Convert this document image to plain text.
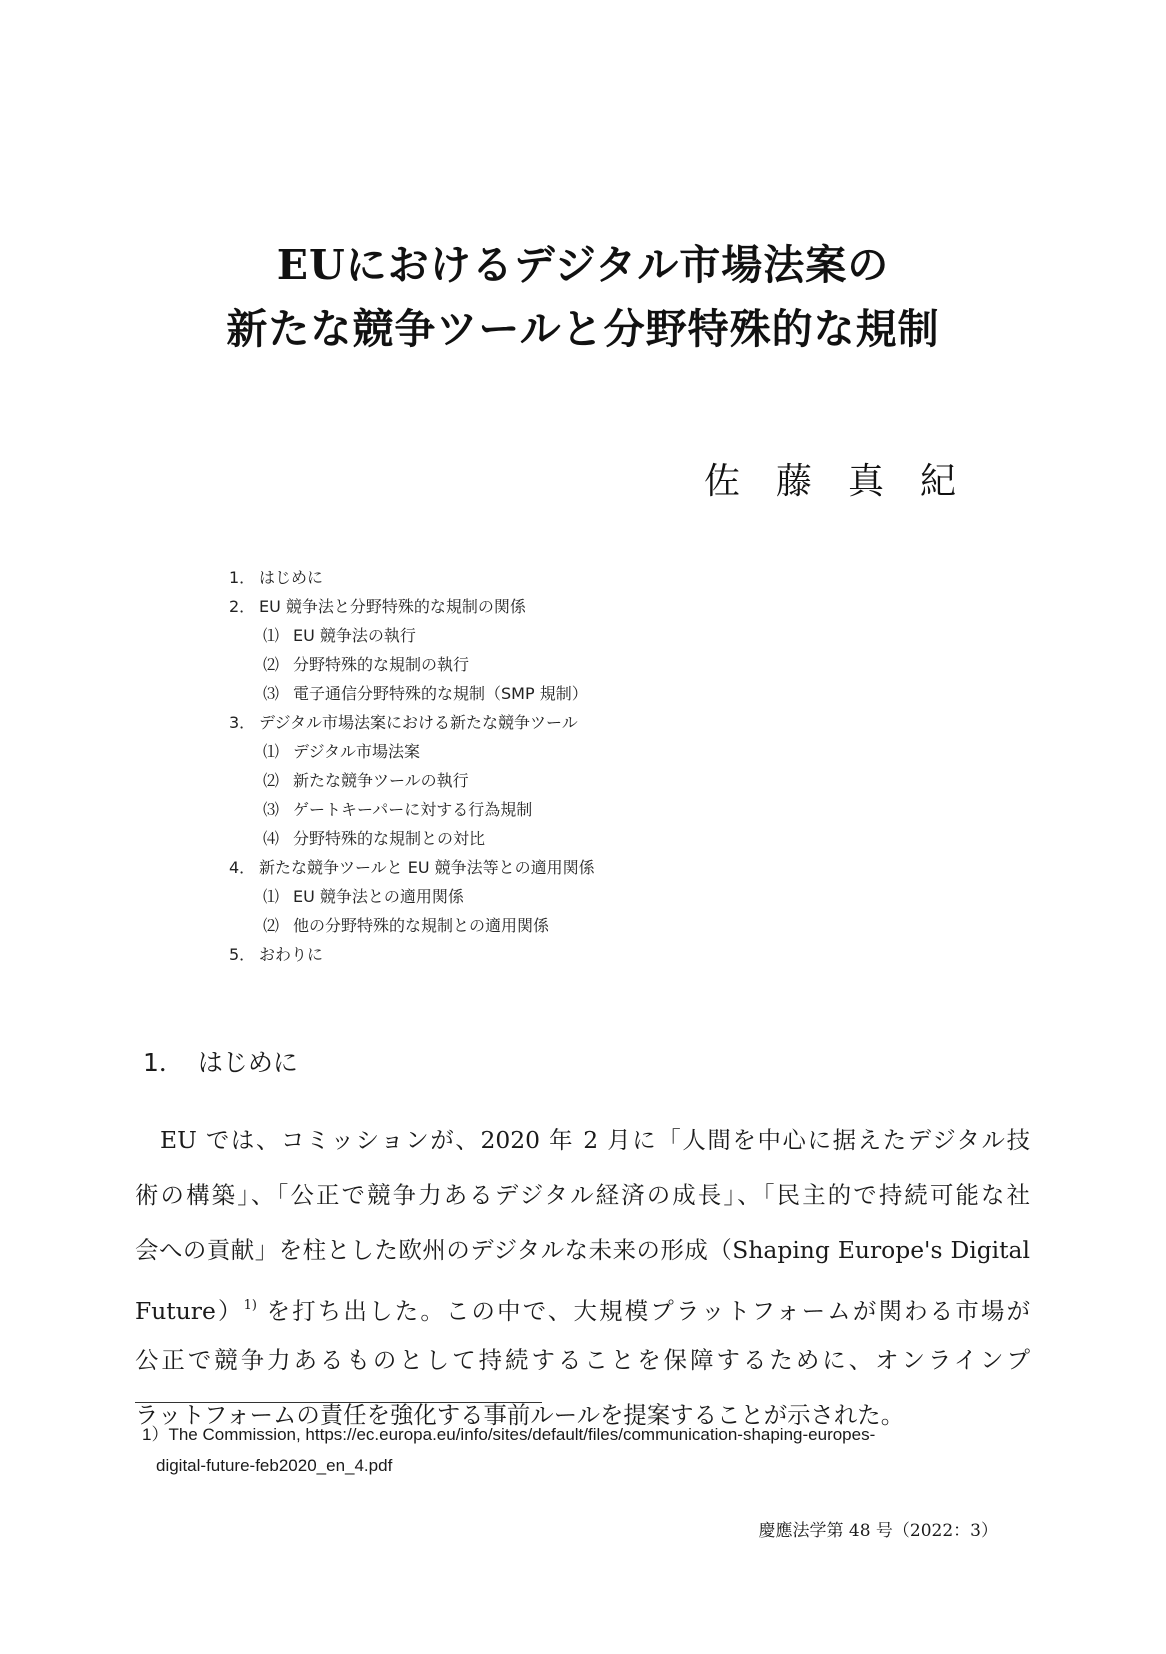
EUにおけるデジタル市場法案の
新たな競争ツールと分野特殊的な規制
佐藤真紀
1． はじめに
2． EU 競争法と分野特殊的な規制の関係
⑴ EU 競争法の執行
⑵ 分野特殊的な規制の執行
⑶ 電子通信分野特殊的な規制（SMP 規制）
3． デジタル市場法案における新たな競争ツール
⑴ デジタル市場法案
⑵ 新たな競争ツールの執行
⑶ ゲートキーパーに対する行為規制
⑷ 分野特殊的な規制との対比
4． 新たな競争ツールと EU 競争法等との適用関係
⑴ EU 競争法との適用関係
⑵ 他の分野特殊的な規制との適用関係
5． おわりに
1． はじめに
EU では、コミッションが、2020 年 2 月に「人間を中心に据えたデジタル技
術の構築」、「公正で競争力あるデジタル経済の成長」、「民主的で持続可能な社
会への貢献」を柱とした欧州のデジタルな未来の形成（Shaping Europe's Digital
Future）$^{1)}$ を打ち出した。この中で、大規模プラットフォームが関わる市場が
公正で競争力あるものとして持続することを保障するために、オンラインプ
ラットフォームの責任を強化する事前ルールを提案することが示された。
1）The Commission, https://ec.europa.eu/info/sites/default/files/communication-shaping-europes-
digital-future-feb2020_en_4.pdf
慶應法学第 48 号（2022：3）
